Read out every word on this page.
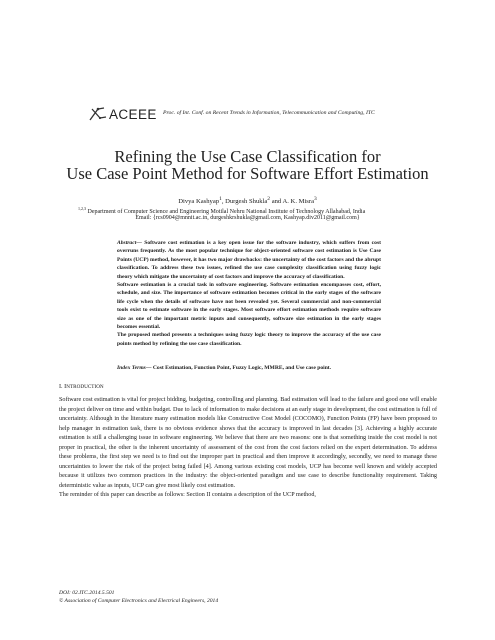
ACEEE Proc. of Int. Conf. on Recent Trends in Information, Telecommunication and Computing, ITC
Refining the Use Case Classification for
Use Case Point Method for Software Effort Estimation
Divya Kashyap$^1$, Durgesh Shukla$^2$ and A. K. Misra$^3$
$^{1,2,3}$ Department of Computer Science and Engineering Motilal Nehru National Institute of Technology Allahabad, India
Email: {rcs0904@mnnit.ac.in, durgeshkrshukla@gmail.com, Kashyap.div2011@gmail.com}

Abstract— Software cost estimation is a key open issue for the software industry, which suffers from cost overruns frequently. As the most popular technique for object-oriented software cost estimation is Use Case Points (UCP) method, however, it has two major drawbacks: the uncertainty of the cost factors and the abrupt classification. To address these two issues, refined the use case complexity classification using fuzzy logic theory which mitigate the uncertainty of cost factors and improve the accuracy of classification.

Software estimation is a crucial task in software engineering. Software estimation encompasses cost, effort, schedule, and size. The importance of software estimation becomes critical in the early stages of the software life cycle when the details of software have not been revealed yet. Several commercial and non-commercial tools exist to estimate software in the early stages. Most software effort estimation methods require software size as one of the important metric inputs and consequently, software size estimation in the early stages becomes essential.

The proposed method presents a techniques using fuzzy logic theory to improve the accuracy of the use case points method by refining the use case classification.

Index Terms— Cost Estimation, Function Point, Fuzzy Logic, MMRE, and Use case point.
I. INTRODUCTION

Software cost estimation is vital for project bidding, budgeting, controlling and planning. Bad estimation will lead to the failure and good one will enable the project deliver on time and within budget. Due to lack of information to make decisions at an early stage in development, the cost estimation is full of uncertainty. Although in the literature many estimation models like Constructive Cost Model (COCOMO), Function Points (FP) have been proposed to help manager in estimation task, there is no obvious evidence shows that the accuracy is improved in last decades [3]. Achieving a highly accurate estimation is still a challenging issue in software engineering. We believe that there are two reasons: one is that something inside the cost model is not proper in practical, the other is the inherent uncertainty of assessment of the cost from the cost factors relied on the expert determination. To address these problems, the first step we need is to find out the improper part in practical and then improve it accordingly, secondly, we need to manage these uncertainties to lower the risk of the project being failed [4]. Among various existing cost models, UCP has become well known and widely accepted because it utilizes two common practices in the industry: the object-oriented paradigm and use case to describe functionality requirement. Taking deterministic value as inputs, UCP can give most likely cost estimation.

The reminder of this paper can describe as follows: Section II contains a description of the UCP method,

DOI: 02.ITC.2014.5.501
© Association of Computer Electronics and Electrical Engineers, 2014
